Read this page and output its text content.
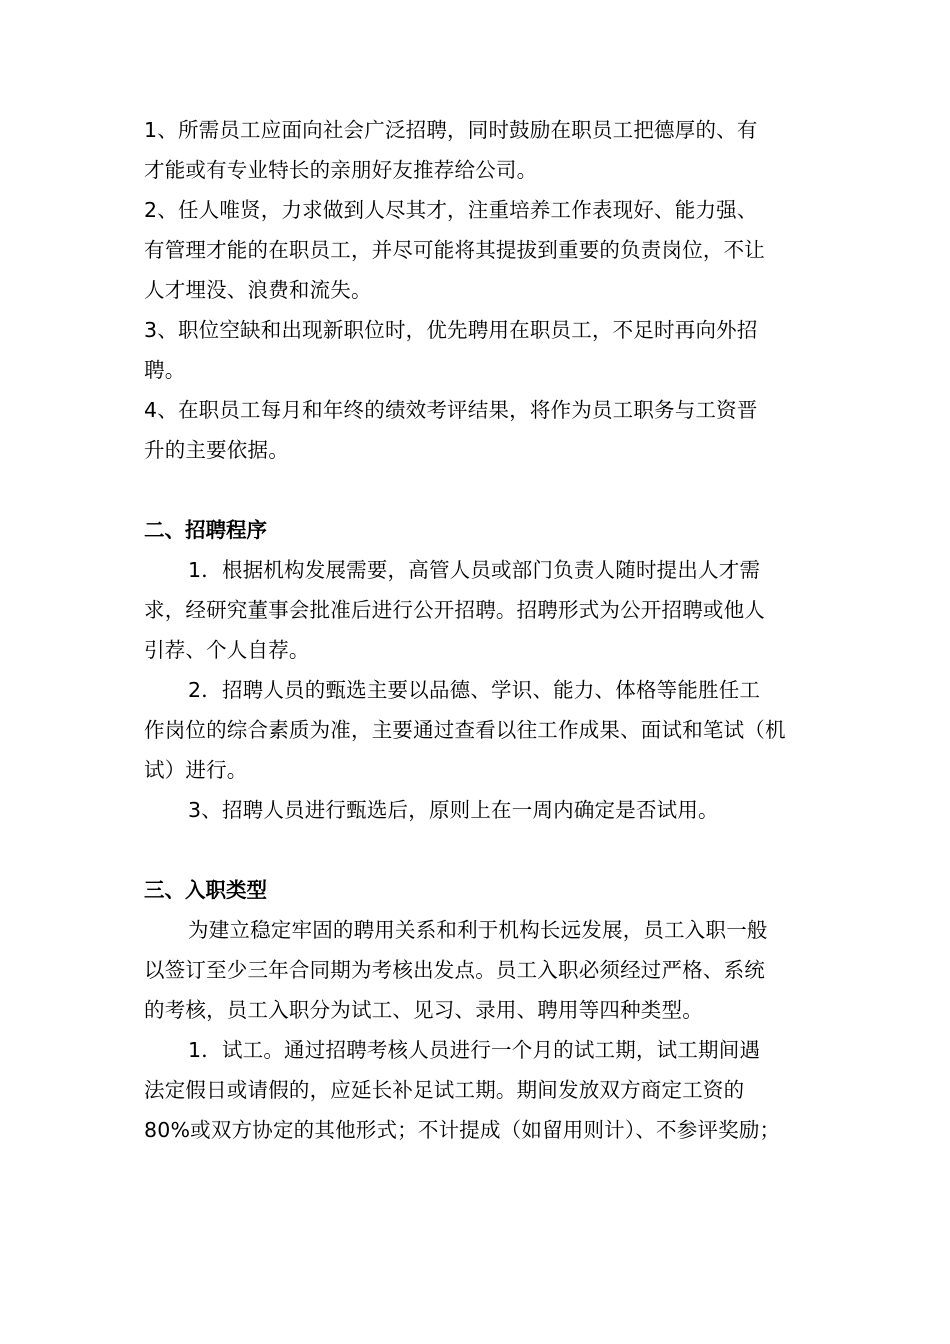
1、所需员工应面向社会广泛招聘，同时鼓励在职员工把德厚的、有
才能或有专业特长的亲朋好友推荐给公司。
2、任人唯贤，力求做到人尽其才，注重培养工作表现好、能力强、
有管理才能的在职员工，并尽可能将其提拔到重要的负责岗位，不让
人才埋没、浪费和流失。
3、职位空缺和出现新职位时，优先聘用在职员工，不足时再向外招
聘。
4、在职员工每月和年终的绩效考评结果，将作为员工职务与工资晋
升的主要依据。
二、招聘程序
1．根据机构发展需要，高管人员或部门负责人随时提出人才需
求，经研究董事会批准后进行公开招聘。招聘形式为公开招聘或他人
引荐、个人自荐。
2．招聘人员的甄选主要以品德、学识、能力、体格等能胜任工
作岗位的综合素质为准，主要通过查看以往工作成果、面试和笔试（机
试）进行。
3、招聘人员进行甄选后，原则上在一周内确定是否试用。
三、入职类型
为建立稳定牢固的聘用关系和利于机构长远发展，员工入职一般
以签订至少三年合同期为考核出发点。员工入职必须经过严格、系统
的考核，员工入职分为试工、见习、录用、聘用等四种类型。
1．试工。通过招聘考核人员进行一个月的试工期，试工期间遇
法定假日或请假的，应延长补足试工期。期间发放双方商定工资的
80%或双方协定的其他形式；不计提成（如留用则计）、不参评奖励；
